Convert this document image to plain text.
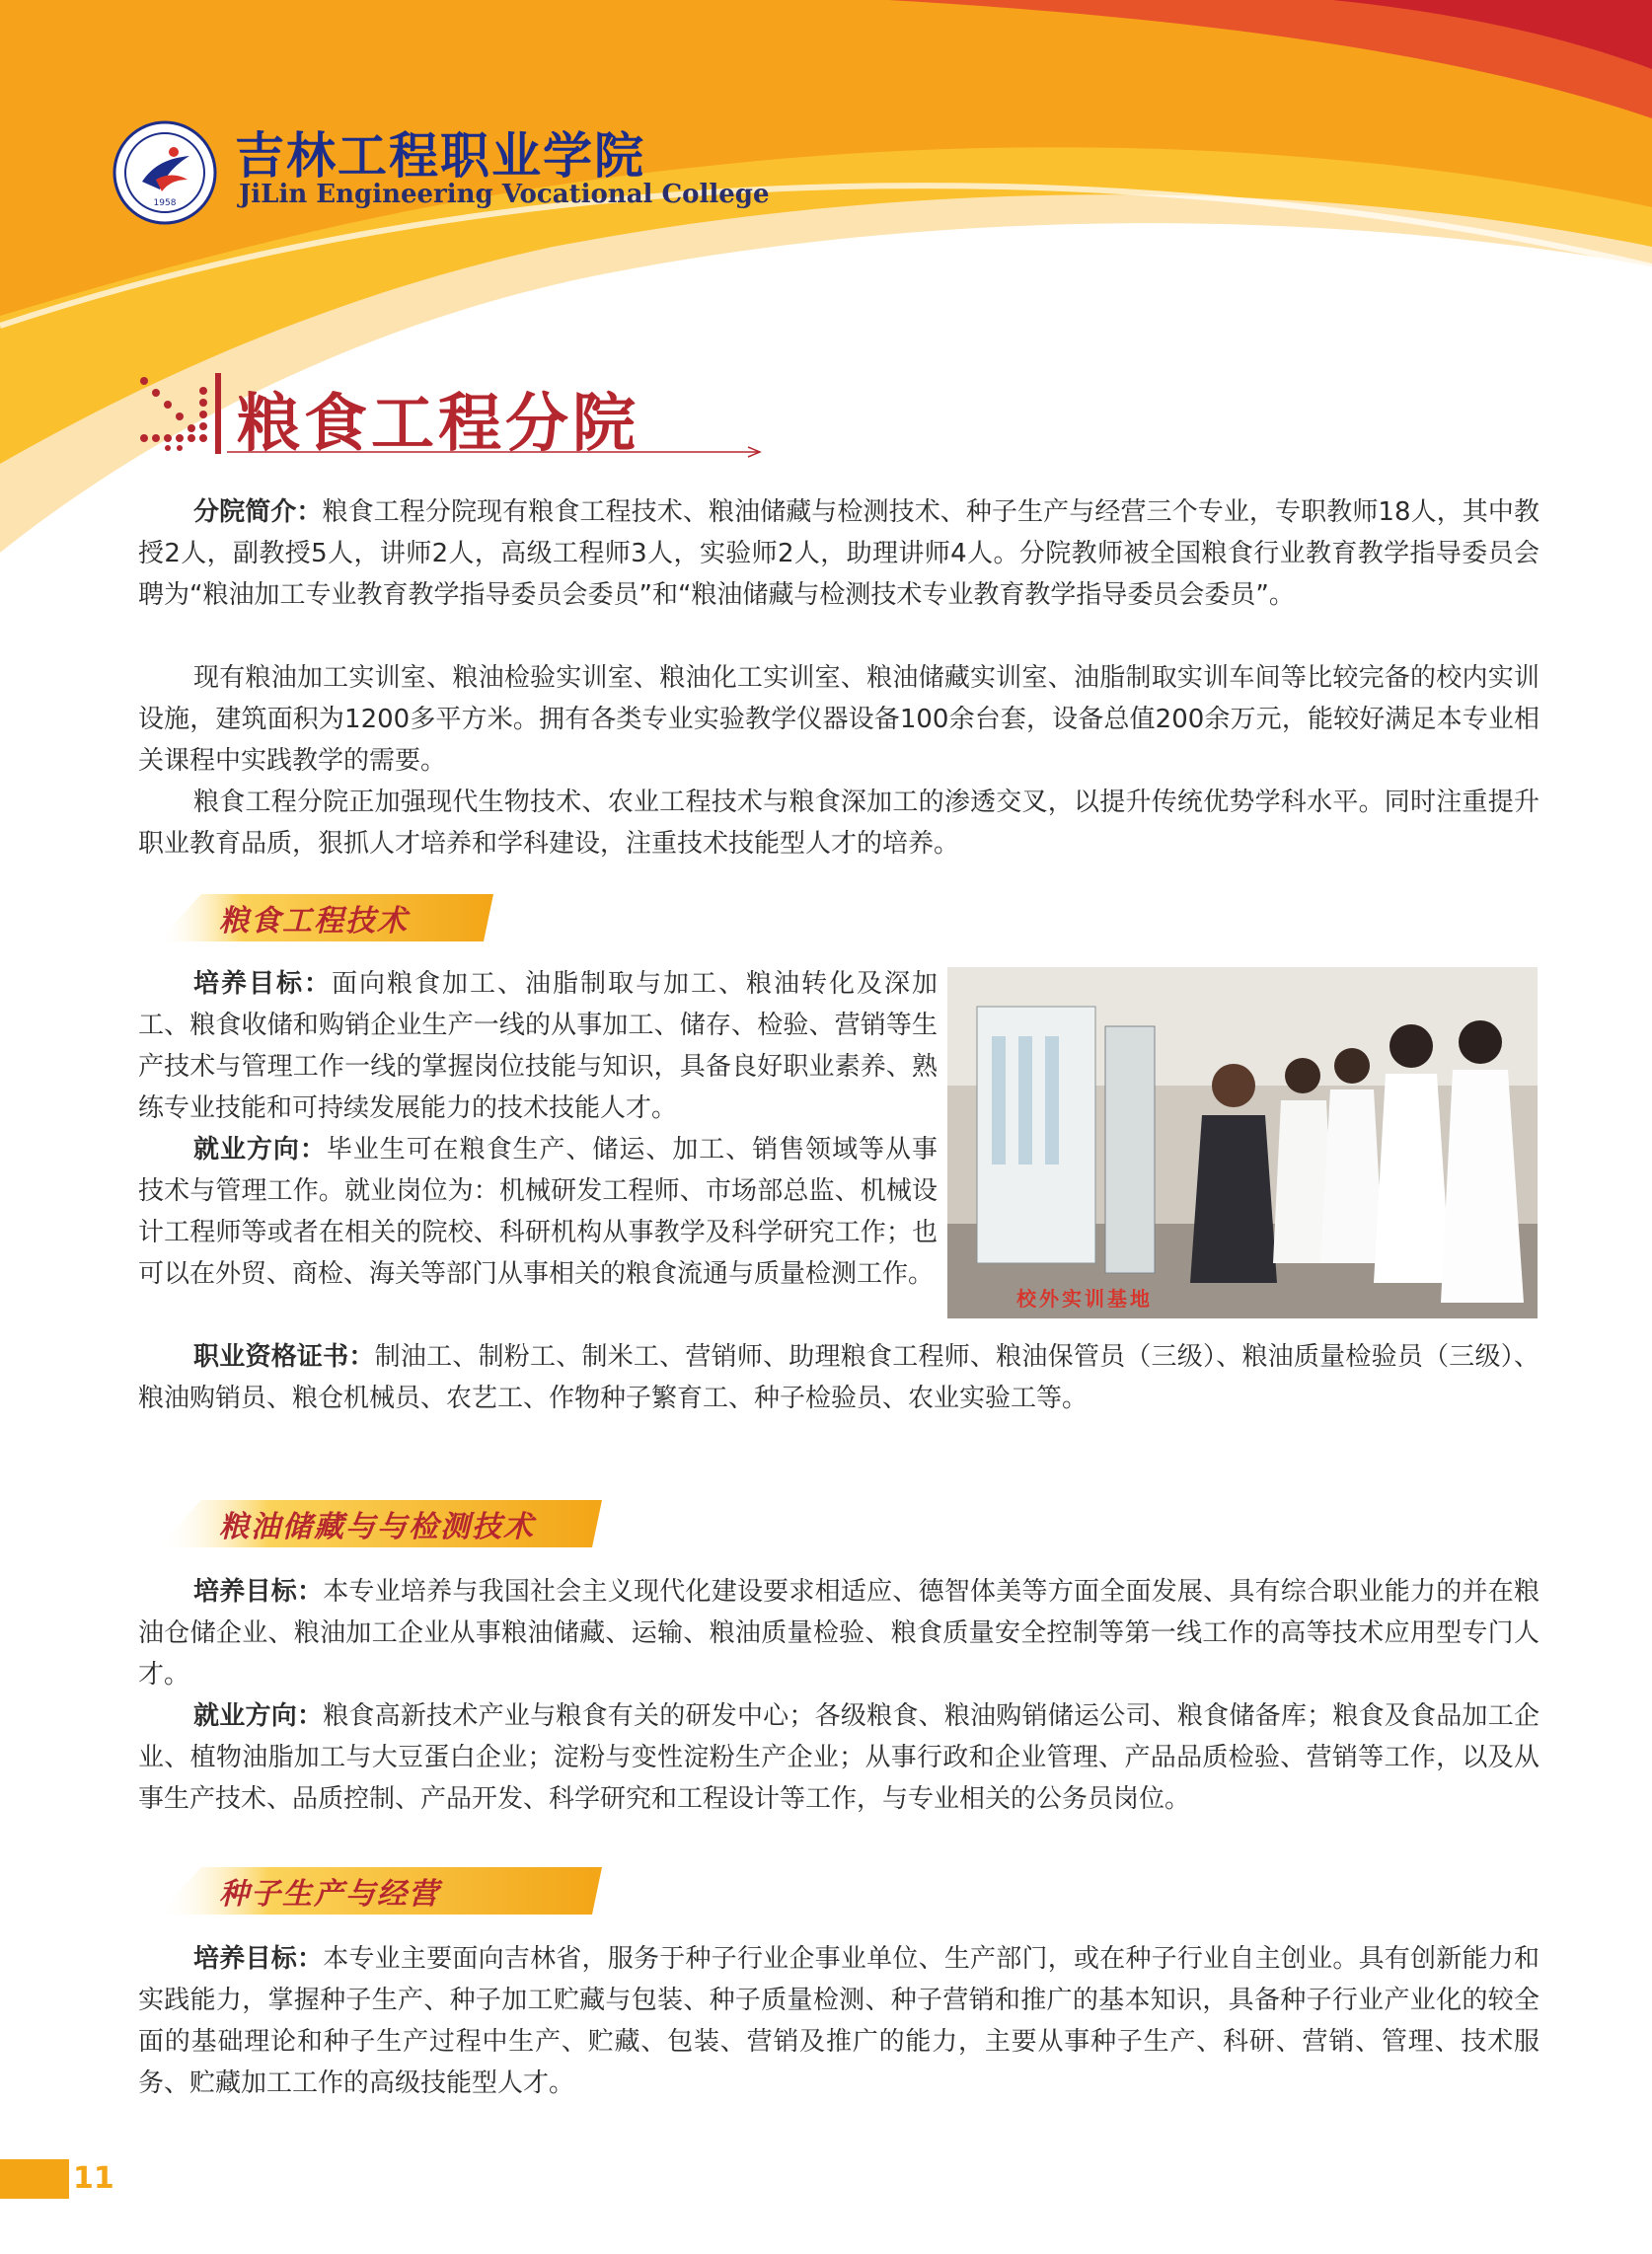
1958
吉林工程职业学院

JiLin Engineering Vocational College

粮食工程分院

分院简介：粮食工程分院现有粮食工程技术、粮油储藏与检测技术、种子生产与经营三个专业，专职教师18人，其中教授2人，副教授5人，讲师2人，高级工程师3人，实验师2人，助理讲师4人。分院教师被全国粮食行业教育教学指导委员会聘为“粮油加工专业教育教学指导委员会委员”和“粮油储藏与检测技术专业教育教学指导委员会委员”。

现有粮油加工实训室、粮油检验实训室、粮油化工实训室、粮油储藏实训室、油脂制取实训车间等比较完备的校内实训设施，建筑面积为1200多平方米。拥有各类专业实验教学仪器设备100余台套，设备总值200余万元，能较好满足本专业相关课程中实践教学的需要。

粮食工程分院正加强现代生物技术、农业工程技术与粮食深加工的渗透交叉，以提升传统优势学科水平。同时注重提升职业教育品质，狠抓人才培养和学科建设，注重技术技能型人才的培养。

粮食工程技术

校外实训基地

培养目标：面向粮食加工、油脂制取与加工、粮油转化及深加工、粮食收储和购销企业生产一线的从事加工、储存、检验、营销等生产技术与管理工作一线的掌握岗位技能与知识，具备良好职业素养、熟练专业技能和可持续发展能力的技术技能人才。

就业方向：毕业生可在粮食生产、储运、加工、销售领域等从事技术与管理工作。就业岗位为：机械研发工程师、市场部总监、机械设计工程师等或者在相关的院校、科研机构从事教学及科学研究工作；也可以在外贸、商检、海关等部门从事相关的粮食流通与质量检测工作。

职业资格证书：制油工、制粉工、制米工、营销师、助理粮食工程师、粮油保管员（三级）、粮油质量检验员（三级）、粮油购销员、粮仓机械员、农艺工、作物种子繁育工、种子检验员、农业实验工等。

粮油储藏与与检测技术

培养目标：本专业培养与我国社会主义现代化建设要求相适应、德智体美等方面全面发展、具有综合职业能力的并在粮油仓储企业、粮油加工企业从事粮油储藏、运输、粮油质量检验、粮食质量安全控制等第一线工作的高等技术应用型专门人才。

就业方向：粮食高新技术产业与粮食有关的研发中心；各级粮食、粮油购销储运公司、粮食储备库；粮食及食品加工企业、植物油脂加工与大豆蛋白企业；淀粉与变性淀粉生产企业；从事行政和企业管理、产品品质检验、营销等工作，以及从事生产技术、品质控制、产品开发、科学研究和工程设计等工作，与专业相关的公务员岗位。

种子生产与经营

培养目标：本专业主要面向吉林省，服务于种子行业企事业单位、生产部门，或在种子行业自主创业。具有创新能力和实践能力，掌握种子生产、种子加工贮藏与包装、种子质量检测、种子营销和推广的基本知识，具备种子行业产业化的较全面的基础理论和种子生产过程中生产、贮藏、包装、营销及推广的能力，主要从事种子生产、科研、营销、管理、技术服务、贮藏加工工作的高级技能型人才。

11
